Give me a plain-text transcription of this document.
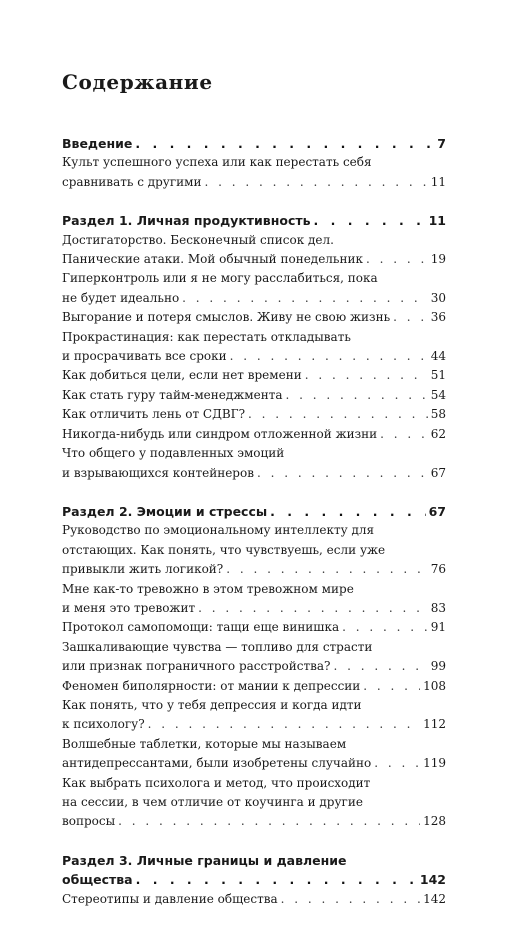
Содержание
Введение . . .	7
Культ успешного успеха или как перестать себя
сравнивать с другими . . .	11
Раздел 1. Личная продуктивность . . .	11
Достигаторство. Бесконечный список дел.
Панические атаки. Мой обычный понедельник . . .	19
Гиперконтроль или я не могу расслабиться, пока
не будет идеально . . .	30
Выгорание и потеря смыслов. Живу не свою жизнь . . .	36
Прокрастинация: как перестать откладывать
и просрачивать все сроки . . .	44
Как добиться цели, если нет времени . . .	51
Как стать гуру тайм-менеджмента . . .	54
Как отличить лень от СДВГ? . . .	58
Никогда-нибудь или синдром отложенной жизни . . .	62
Что общего у подавленных эмоций
и взрывающихся контейнеров . . .	67
Раздел 2. Эмоции и стрессы . . .	67
Руководство по эмоциональному интеллекту для
отстающих. Как понять, что чувствуешь, если уже
привыкли жить логикой? . . .	76
Мне как-то тревожно в этом тревожном мире
и меня это тревожит . . .	83
Протокол самопомощи: тащи еще винишка . . .	91
Зашкаливающие чувства — топливо для страсти
или признак пограничного расстройства? . . .	99
Феномен биполярности: от мании к депрессии . . .	108
Как понять, что у тебя депрессия и когда идти
к психологу? . . .	112
Волшебные таблетки, которые мы называем
антидепрессантами, были изобретены случайно . . .	119
Как выбрать психолога и метод, что происходит
на сессии, в чем отличие от коучинга и другие
вопросы . . .	128
Раздел 3. Личные границы и давление
общества . . .	142
Стереотипы и давление общества . . .	142
